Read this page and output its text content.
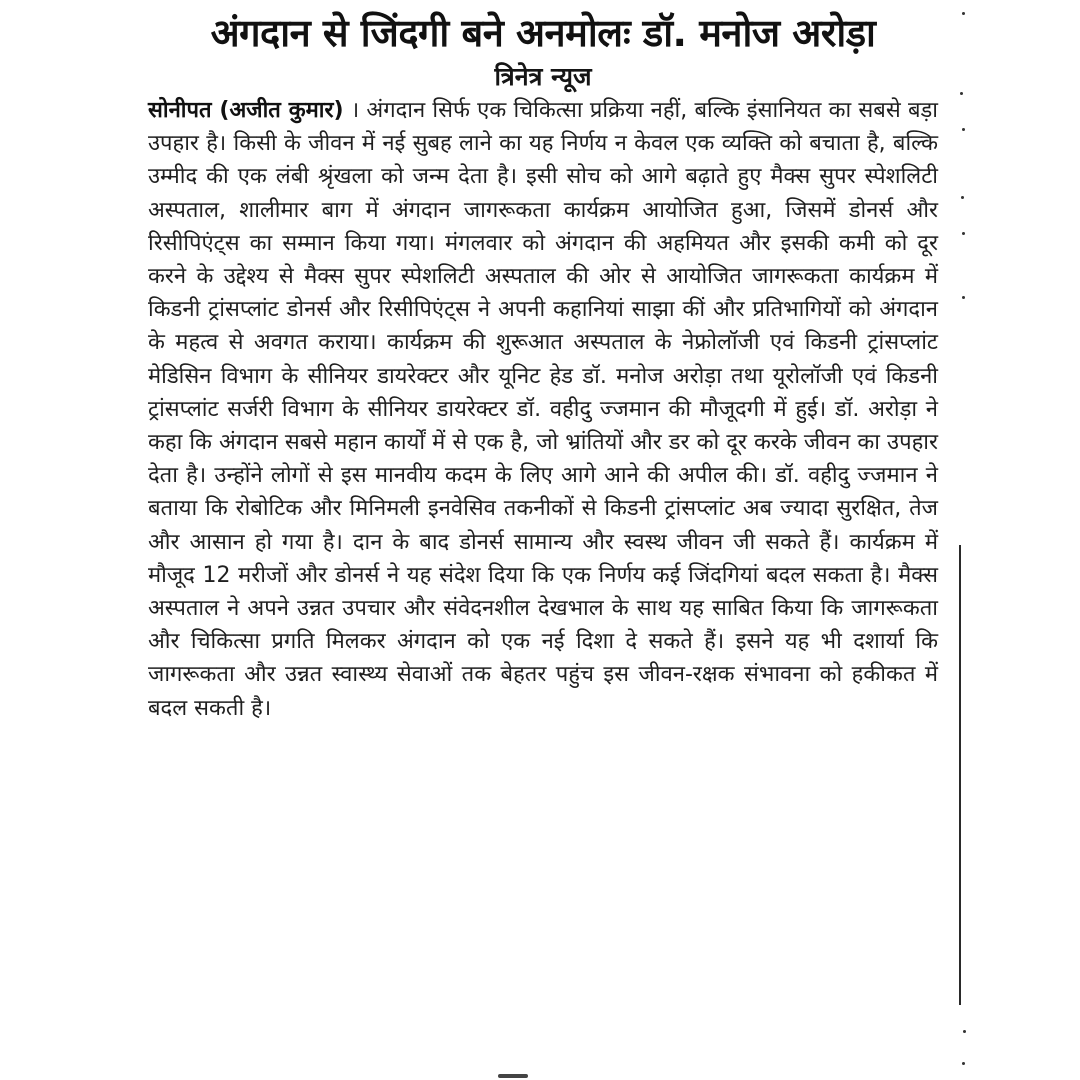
अंगदान से जिंदगी बने अनमोलः डॉ. मनोज अरोड़ा
त्रिनेत्र न्यूज

सोनीपत (अजीत कुमार) । अंगदान सिर्फ एक चिकित्सा प्रक्रिया नहीं, बल्कि इंसानियत का सबसे बड़ा उपहार है। किसी के जीवन में नई सुबह लाने का यह निर्णय न केवल एक व्यक्ति को बचाता है, बल्कि उम्मीद की एक लंबी श्रृंखला को जन्म देता है। इसी सोच को आगे बढ़ाते हुए मैक्स सुपर स्पेशलिटी अस्पताल, शालीमार बाग में अंगदान जागरूकता कार्यक्रम आयोजित हुआ, जिसमें डोनर्स और रिसीपिएंट्स का सम्मान किया गया। मंगलवार को अंगदान की अहमियत और इसकी कमी को दूर करने के उद्देश्य से मैक्स सुपर स्पेशलिटी अस्पताल की ओर से आयोजित जागरूकता कार्यक्रम में किडनी ट्रांसप्लांट डोनर्स और रिसीपिएंट्स ने अपनी कहानियां साझा कीं और प्रतिभागियों को अंगदान के महत्व से अवगत कराया। कार्यक्रम की शुरूआत अस्पताल के नेफ्रोलॉजी एवं किडनी ट्रांसप्लांट मेडिसिन विभाग के सीनियर डायरेक्टर और यूनिट हेड डॉ. मनोज अरोड़ा तथा यूरोलॉजी एवं किडनी ट्रांसप्लांट सर्जरी विभाग के सीनियर डायरेक्टर डॉ. वहीदु ज्जमान की मौजूदगी में हुई। डॉ. अरोड़ा ने कहा कि अंगदान सबसे महान कार्यों में से एक है, जो भ्रांतियों और डर को दूर करके जीवन का उपहार देता है। उन्होंने लोगों से इस मानवीय कदम के लिए आगे आने की अपील की। डॉ. वहीदु ज्जमान ने बताया कि रोबोटिक और मिनिमली इनवेसिव तकनीकों से किडनी ट्रांसप्लांट अब ज्यादा सुरक्षित, तेज और आसान हो गया है। दान के बाद डोनर्स सामान्य और स्वस्थ जीवन जी सकते हैं। कार्यक्रम में मौजूद 12 मरीजों और डोनर्स ने यह संदेश दिया कि एक निर्णय कई जिंदगियां बदल सकता है। मैक्स अस्पताल ने अपने उन्नत उपचार और संवेदनशील देखभाल के साथ यह साबित किया कि जागरूकता और चिकित्सा प्रगति मिलकर अंगदान को एक नई दिशा दे सकते हैं। इसने यह भी दशार्या कि जागरूकता और उन्नत स्वास्थ्य सेवाओं तक बेहतर पहुंच इस जीवन-रक्षक संभावना को हकीकत में बदल सकती है।
